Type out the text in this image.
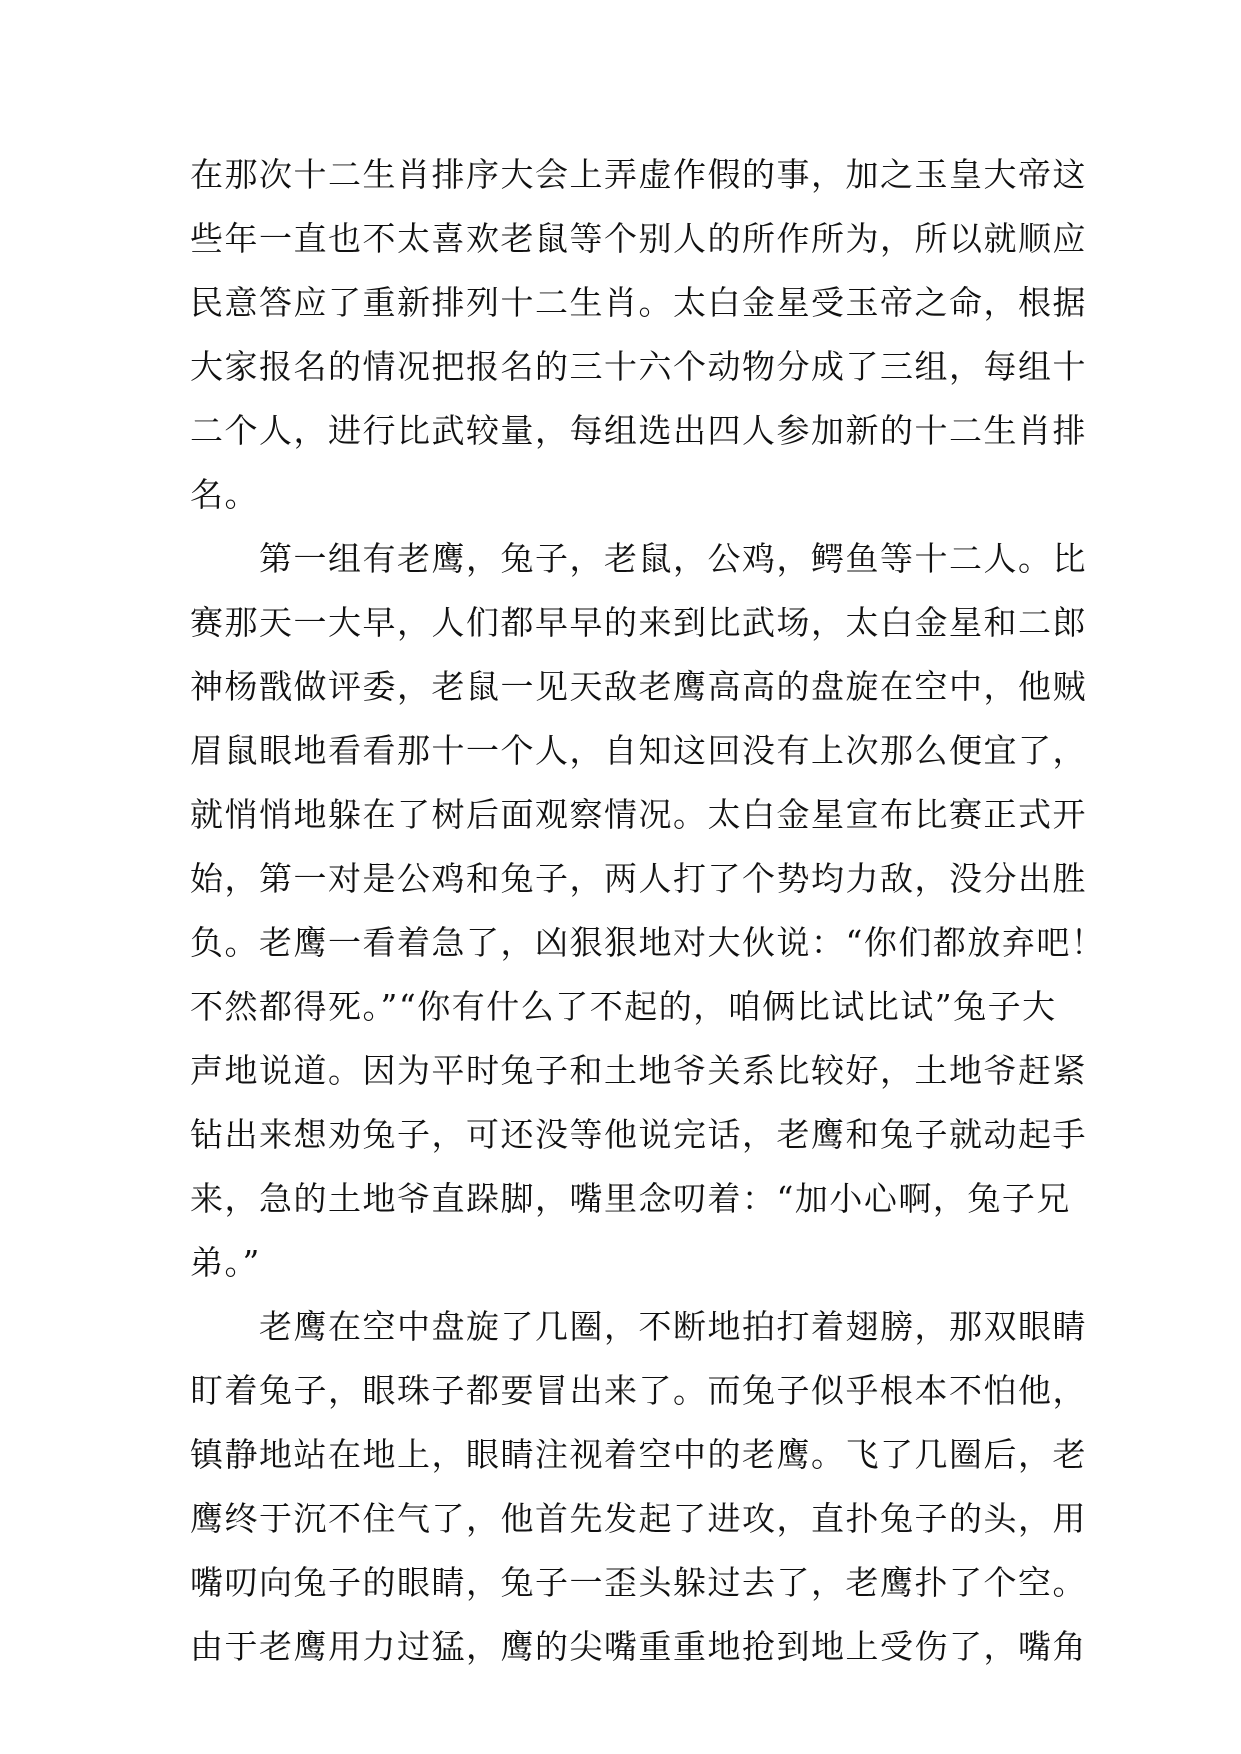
在那次十二生肖排序大会上弄虚作假的事，加之玉皇大帝这
些年一直也不太喜欢老鼠等个别人的所作所为，所以就顺应
民意答应了重新排列十二生肖。太白金星受玉帝之命，根据
大家报名的情况把报名的三十六个动物分成了三组，每组十
二个人，进行比武较量，每组选出四人参加新的十二生肖排
名。
　　第一组有老鹰，兔子，老鼠，公鸡，鳄鱼等十二人。比
赛那天一大早，人们都早早的来到比武场，太白金星和二郎
神杨戬做评委，老鼠一见天敌老鹰高高的盘旋在空中，他贼
眉鼠眼地看看那十一个人，自知这回没有上次那么便宜了，
就悄悄地躲在了树后面观察情况。太白金星宣布比赛正式开
始，第一对是公鸡和兔子，两人打了个势均力敌，没分出胜
负。老鹰一看着急了，凶狠狠地对大伙说：“你们都放弃吧！
不然都得死。”“你有什么了不起的，咱俩比试比试”兔子大
声地说道。因为平时兔子和土地爷关系比较好，土地爷赶紧
钻出来想劝兔子，可还没等他说完话，老鹰和兔子就动起手
来，急的土地爷直跺脚，嘴里念叨着：“加小心啊，兔子兄
弟。”
　　老鹰在空中盘旋了几圈，不断地拍打着翅膀，那双眼睛
盯着兔子，眼珠子都要冒出来了。而兔子似乎根本不怕他，
镇静地站在地上，眼睛注视着空中的老鹰。飞了几圈后，老
鹰终于沉不住气了，他首先发起了进攻，直扑兔子的头，用
嘴叨向兔子的眼睛，兔子一歪头躲过去了，老鹰扑了个空。
由于老鹰用力过猛，鹰的尖嘴重重地抢到地上受伤了，嘴角
